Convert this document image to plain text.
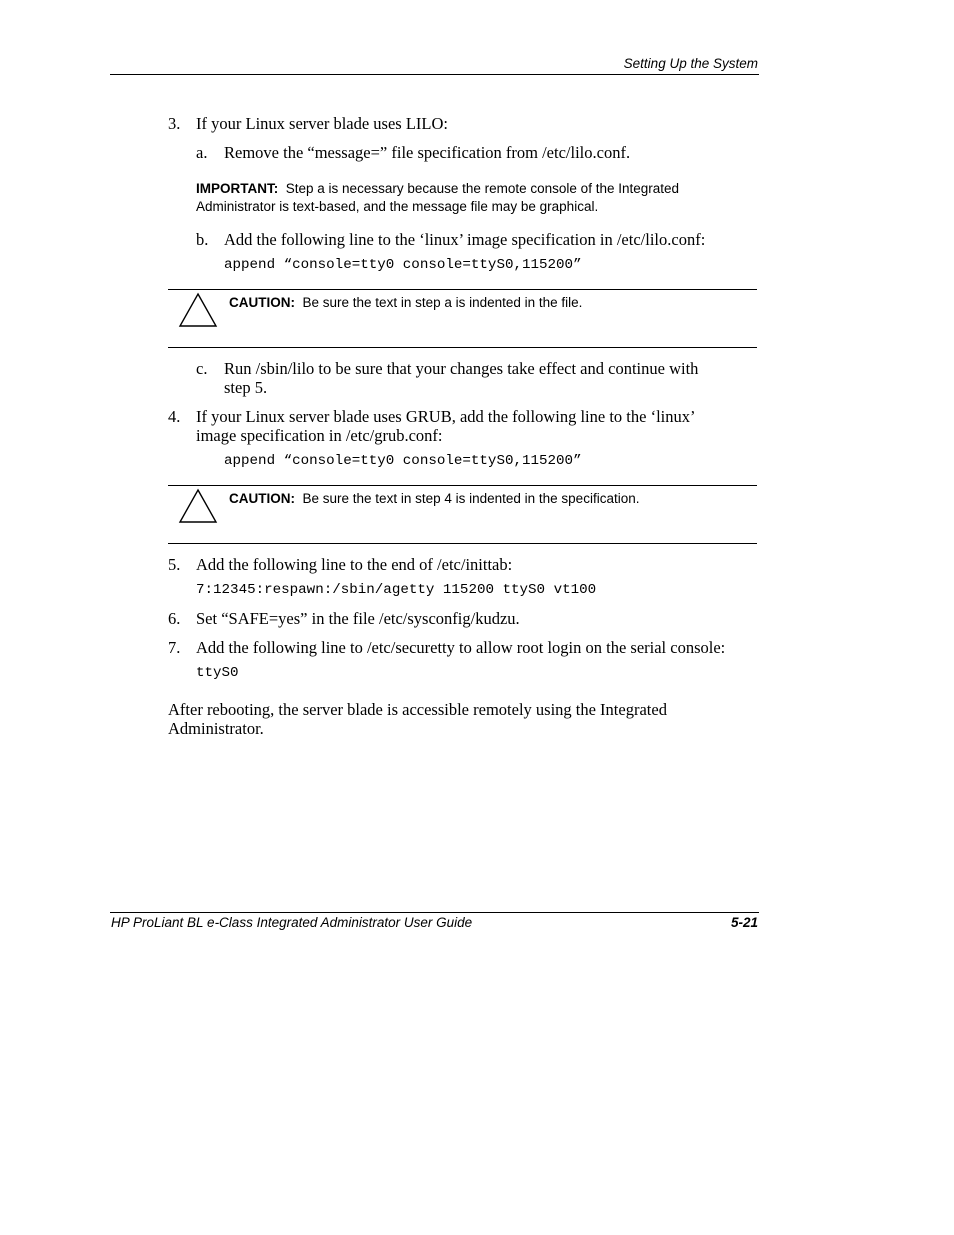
Setting Up the System
3. If your Linux server blade uses LILO:
a. Remove the “message=” file specification from /etc/lilo.conf.
IMPORTANT: Step a is necessary because the remote console of the Integrated
Administrator is text-based, and the message file may be graphical.
b. Add the following line to the ‘linux’ image specification in /etc/lilo.conf:
append “console=tty0 console=ttyS0,115200”
CAUTION: Be sure the text in step a is indented in the file.
c. Run /sbin/lilo to be sure that your changes take effect and continue with
step 5.
4. If your Linux server blade uses GRUB, add the following line to the ‘linux’
image specification in /etc/grub.conf:
append “console=tty0 console=ttyS0,115200”
CAUTION: Be sure the text in step 4 is indented in the specification.
5. Add the following line to the end of /etc/inittab:
7:12345:respawn:/sbin/agetty 115200 ttyS0 vt100
6. Set “SAFE=yes” in the file /etc/sysconfig/kudzu.
7. Add the following line to /etc/securetty to allow root login on the serial console:
ttyS0
After rebooting, the server blade is accessible remotely using the Integrated
Administrator.
HP ProLiant BL e-Class Integrated Administrator User Guide	5-21
